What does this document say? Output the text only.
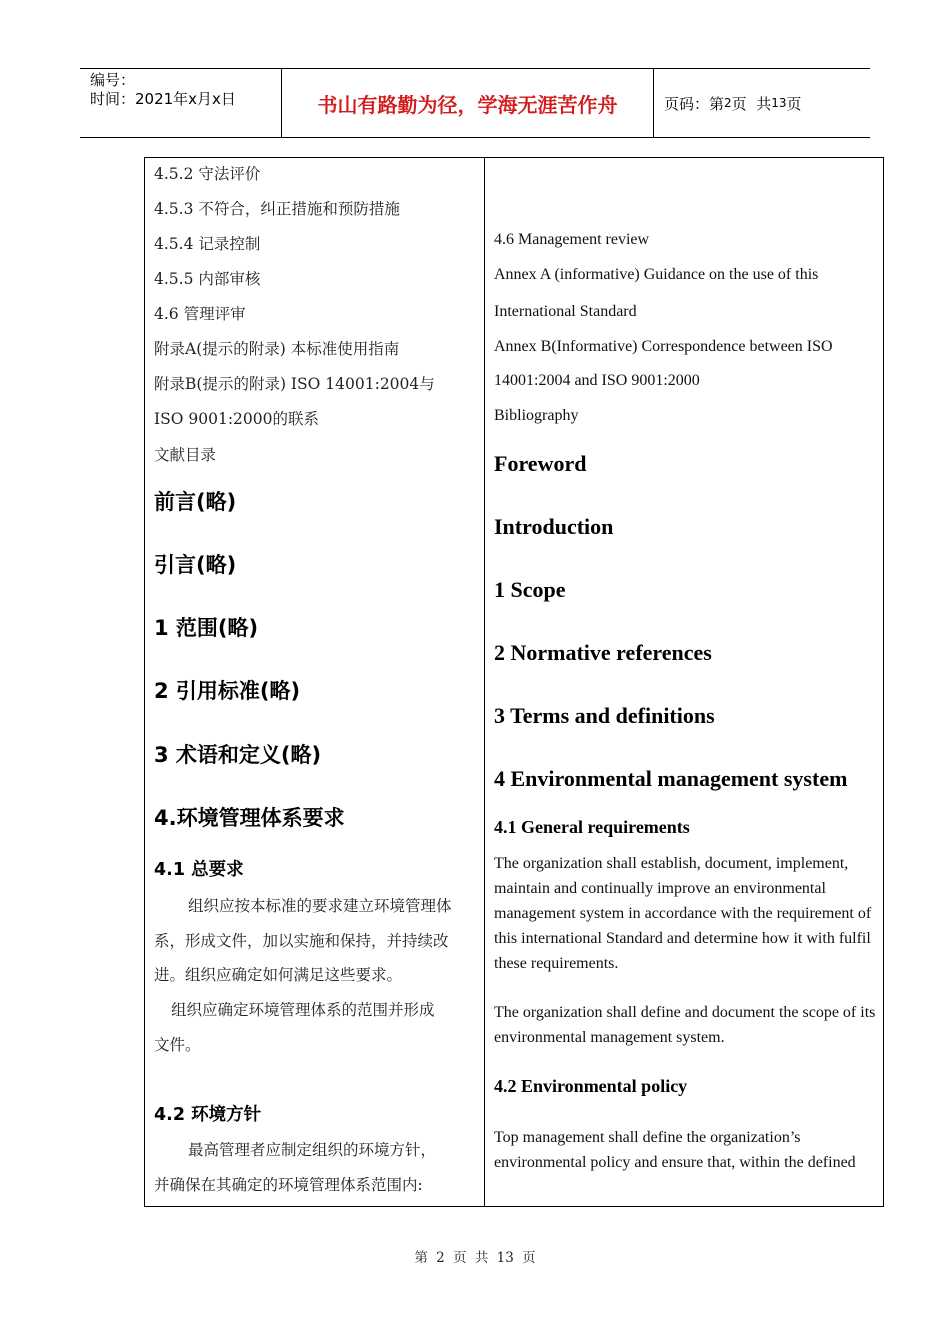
编号：
时间：2021年x月x日	书山有路勤为径，学海无涯苦作舟	页码：第 2 页  共 13 页
4.5.2 守法评价
4.5.3 不符合，纠正措施和预防措施
4.5.4 记录控制
4.5.5 内部审核
4.6 管理评审
附录A(提示的附录) 本标准使用指南
附录B(提示的附录) ISO 14001:2004与
ISO 9001:2000的联系
文献目录
前言(略)
引言(略)
1 范围(略)
2 引用标准(略)
3 术语和定义(略)
4.环境管理体系要求
4.1 总要求
组织应按本标准的要求建立环境管理体
系，形成文件，加以实施和保持，并持续改
进。组织应确定如何满足这些要求。
组织应确定环境管理体系的范围并形成
文件。
4.2 环境方针
最高管理者应制定组织的环境方针，
并确保在其确定的环境管理体系范围内:
4.6 Management review
Annex A (informative) Guidance on the use of this
International Standard
Annex B(Informative) Correspondence between ISO
14001:2004 and ISO 9001:2000
Bibliography
Foreword
Introduction
1 Scope
2 Normative references
3 Terms and definitions
4 Environmental management system
4.1 General requirements
The organization shall establish, document, implement, maintain and continually improve an environmental management system in accordance with the requirement of this international Standard and determine how it with fulfil these requirements.
The organization shall define and document the scope of its environmental management system.
4.2 Environmental policy
Top management shall define the organization’s environmental policy and ensure that, within the defined
第 2 页 共 13 页
